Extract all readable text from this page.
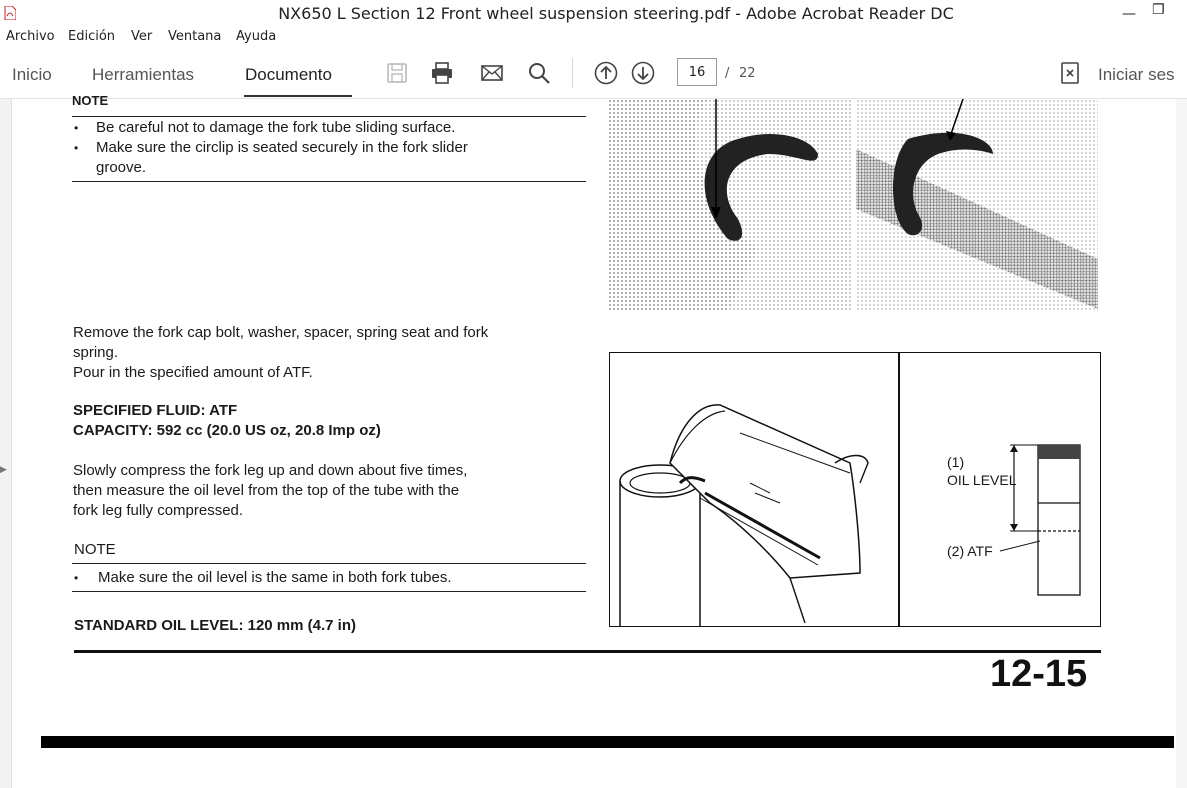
NX650 L Section 12 Front wheel suspension steering.pdf - Adobe Acrobat Reader DC	— ❐
Archivo Edición Ver Ventana Ayuda
Inicio Herramientas	Documento	16	/ 22	Iniciar ses
▶
NOTE
• Be careful not to damage the fork tube sliding surface.
• Make sure the circlip is seated securely in the fork slider
groove.
Remove the fork cap bolt, washer, spacer, spring seat and fork
spring.
Pour in the specified amount of ATF.
SPECIFIED FLUID: ATF
CAPACITY: 592 cc (20.0 US oz, 20.8 Imp oz)
Slowly compress the fork leg up and down about five times,
then measure the oil level from the top of the tube with the
fork leg fully compressed.
NOTE
• Make sure the oil level is the same in both fork tubes.
STANDARD OIL LEVEL: 120 mm (4.7 in)
(1)
OIL LEVEL
(2) ATF
12-15
